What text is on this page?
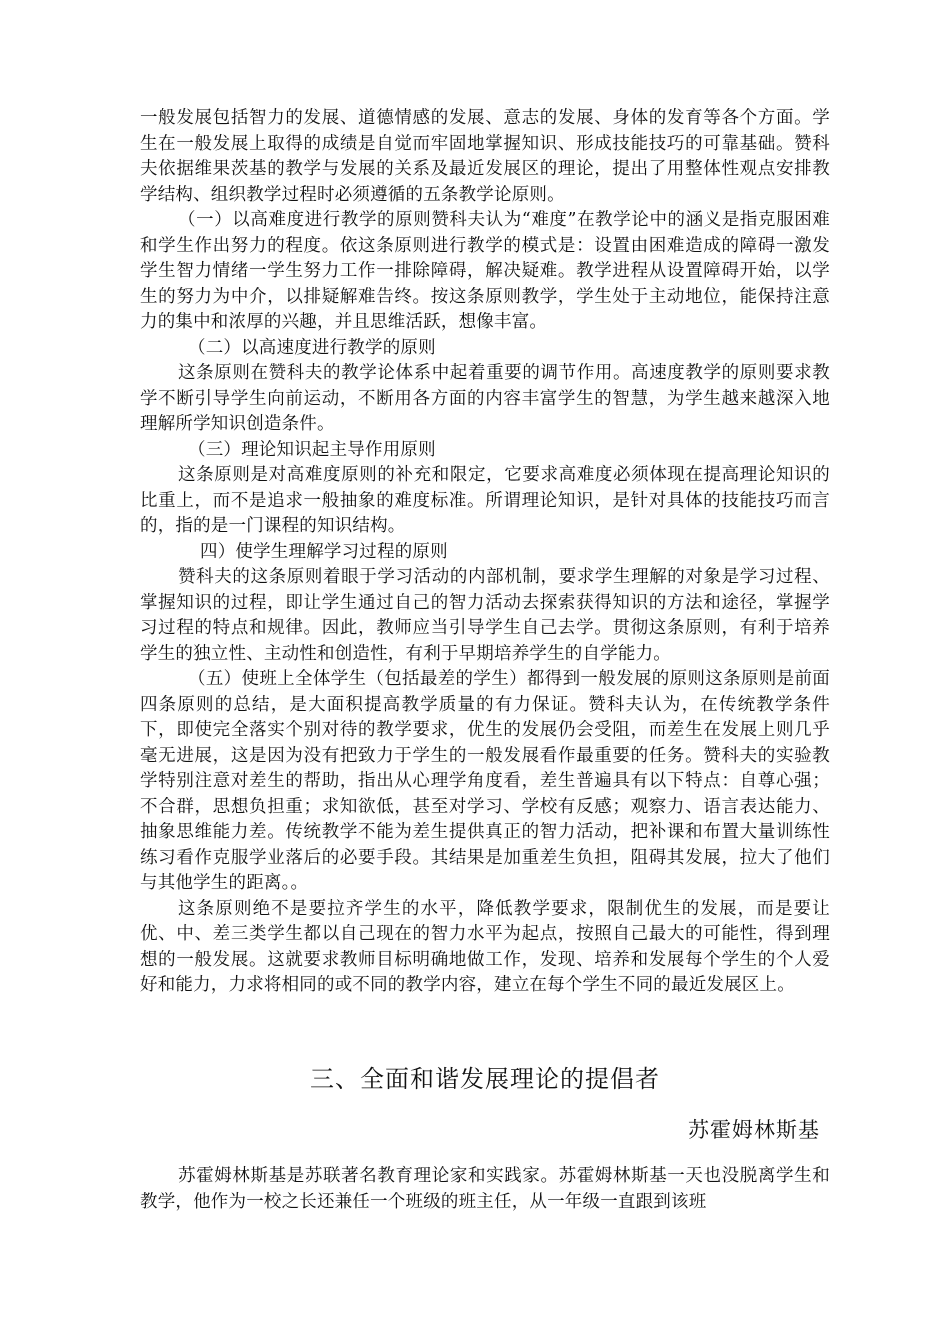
一般发展包括智力的发展、道德情感的发展、意志的发展、身体的发育等各个方面。学生在一般发展上取得的成绩是自觉而牢固地掌握知识、形成技能技巧的可靠基础。赞科夫依据维果茨基的教学与发展的关系及最近发展区的理论，提出了用整体性观点安排教学结构、组织教学过程时必须遵循的五条教学论原则。

（一）以高难度进行教学的原则赞科夫认为“难度”在教学论中的涵义是指克服困难和学生作出努力的程度。依这条原则进行教学的模式是：设置由困难造成的障碍一激发学生智力情绪一学生努力工作一排除障碍，解决疑难。教学进程从设置障碍开始，以学生的努力为中介，以排疑解难告终。按这条原则教学，学生处于主动地位，能保持注意力的集中和浓厚的兴趣，并且思维活跃，想像丰富。

（二）以高速度进行教学的原则

这条原则在赞科夫的教学论体系中起着重要的调节作用。高速度教学的原则要求教学不断引导学生向前运动，不断用各方面的内容丰富学生的智慧，为学生越来越深入地理解所学知识创造条件。

（三）理论知识起主导作用原则

这条原则是对高难度原则的补充和限定，它要求高难度必须体现在提高理论知识的比重上，而不是追求一般抽象的难度标准。所谓理论知识，是针对具体的技能技巧而言的，指的是一门课程的知识结构。

四）使学生理解学习过程的原则

赞科夫的这条原则着眼于学习活动的内部机制，要求学生理解的对象是学习过程、掌握知识的过程，即让学生通过自己的智力活动去探索获得知识的方法和途径，掌握学习过程的特点和规律。因此，教师应当引导学生自己去学。贯彻这条原则，有利于培养学生的独立性、主动性和创造性，有利于早期培养学生的自学能力。

（五）使班上全体学生（包括最差的学生）都得到一般发展的原则这条原则是前面四条原则的总结，是大面积提高教学质量的有力保证。赞科夫认为，在传统教学条件下，即使完全落实个别对待的教学要求，优生的发展仍会受阻，而差生在发展上则几乎毫无进展，这是因为没有把致力于学生的一般发展看作最重要的任务。赞科夫的实验教学特别注意对差生的帮助，指出从心理学角度看，差生普遍具有以下特点：自尊心强；不合群，思想负担重；求知欲低，甚至对学习、学校有反感；观察力、语言表达能力、抽象思维能力差。传统教学不能为差生提供真正的智力活动，把补课和布置大量训练性练习看作克服学业落后的必要手段。其结果是加重差生负担，阻碍其发展，拉大了他们与其他学生的距离。。

这条原则绝不是要拉齐学生的水平，降低教学要求，限制优生的发展，而是要让优、中、差三类学生都以自己现在的智力水平为起点，按照自己最大的可能性，得到理想的一般发展。这就要求教师目标明确地做工作，发现、培养和发展每个学生的个人爱好和能力，力求将相同的或不同的教学内容，建立在每个学生不同的最近发展区上。

三、全面和谐发展理论的提倡者
苏霍姆林斯基

苏霍姆林斯基是苏联著名教育理论家和实践家。苏霍姆林斯基一天也没脱离学生和教学，他作为一校之长还兼任一个班级的班主任，从一年级一直跟到该班
